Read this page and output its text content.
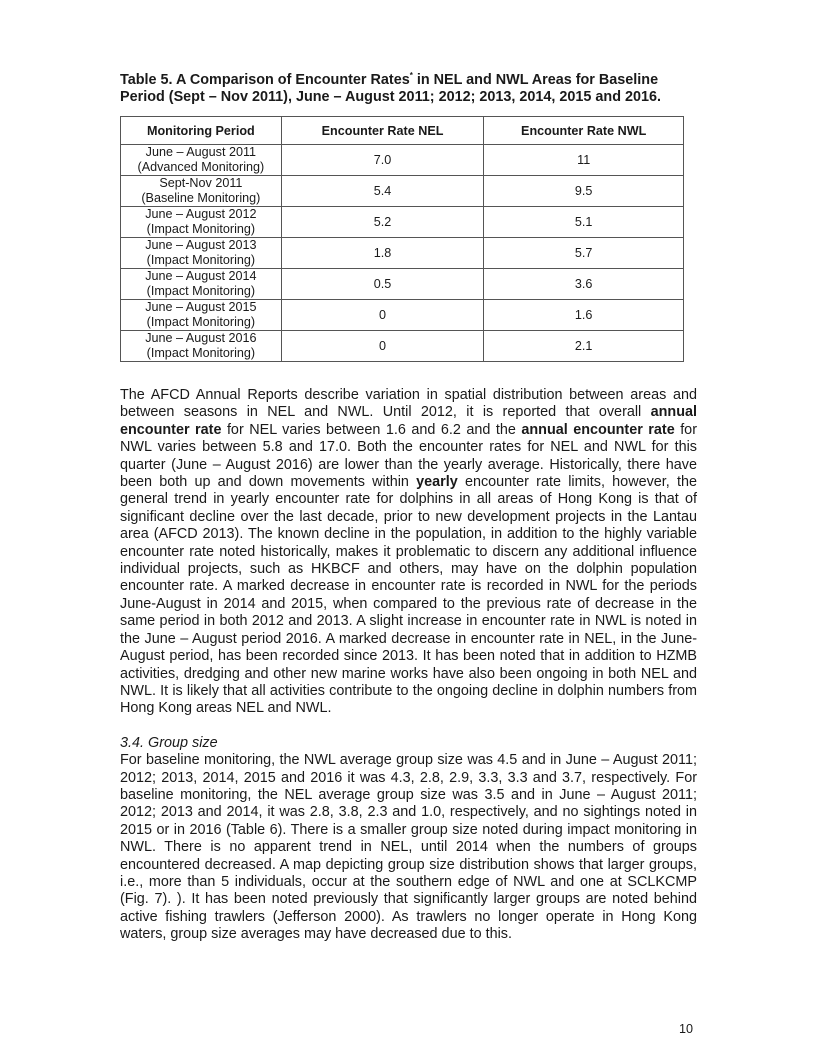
Table 5. A Comparison of Encounter Rates* in NEL and NWL Areas for Baseline Period (Sept – Nov 2011), June – August 2011; 2012; 2013, 2014, 2015 and 2016.

Monitoring Period	Encounter Rate NEL	Encounter Rate NWL
June – August 2011
(Advanced Monitoring)	7.0	11
Sept-Nov 2011
(Baseline Monitoring)	5.4	9.5
June – August 2012
(Impact Monitoring)	5.2	5.1
June – August 2013
(Impact Monitoring)	1.8	5.7
June – August 2014
(Impact Monitoring)	0.5	3.6
June – August 2015
(Impact Monitoring)	0	1.6
June – August 2016
(Impact Monitoring)	0	2.1

The AFCD Annual Reports describe variation in spatial distribution between areas and between seasons in NEL and NWL. Until 2012, it is reported that overall annual encounter rate for NEL varies between 1.6 and 6.2 and the annual encounter rate for NWL varies between 5.8 and 17.0. Both the encounter rates for NEL and NWL for this quarter (June – August 2016) are lower than the yearly average. Historically, there have been both up and down movements within yearly encounter rate limits, however, the general trend in yearly encounter rate for dolphins in all areas of Hong Kong is that of significant decline over the last decade, prior to new development projects in the Lantau area (AFCD 2013). The known decline in the population, in addition to the highly variable encounter rate noted historically, makes it problematic to discern any additional influence individual projects, such as HKBCF and others, may have on the dolphin population encounter rate. A marked decrease in encounter rate is recorded in NWL for the periods June-August in 2014 and 2015, when compared to the previous rate of decrease in the same period in both 2012 and 2013. A slight increase in encounter rate in NWL is noted in the June – August period 2016. A marked decrease in encounter rate in NEL, in the June-August period, has been recorded since 2013. It has been noted that in addition to HZMB activities, dredging and other new marine works have also been ongoing in both NEL and NWL. It is likely that all activities contribute to the ongoing decline in dolphin numbers from Hong Kong areas NEL and NWL.

3.4. Group size

For baseline monitoring, the NWL average group size was 4.5 and in June – August 2011; 2012; 2013, 2014, 2015 and 2016 it was 4.3, 2.8, 2.9, 3.3, 3.3 and 3.7, respectively. For baseline monitoring, the NEL average group size was 3.5 and in June – August 2011; 2012; 2013 and 2014, it was 2.8, 3.8, 2.3 and 1.0, respectively, and no sightings noted in 2015 or in 2016 (Table 6). There is a smaller group size noted during impact monitoring in NWL. There is no apparent trend in NEL, until 2014 when the numbers of groups encountered decreased. A map depicting group size distribution shows that larger groups, i.e., more than 5 individuals, occur at the southern edge of NWL and one at SCLKCMP (Fig. 7). ). It has been noted previously that significantly larger groups are noted behind active fishing trawlers (Jefferson 2000). As trawlers no longer operate in Hong Kong waters, group size averages may have decreased due to this.

10
